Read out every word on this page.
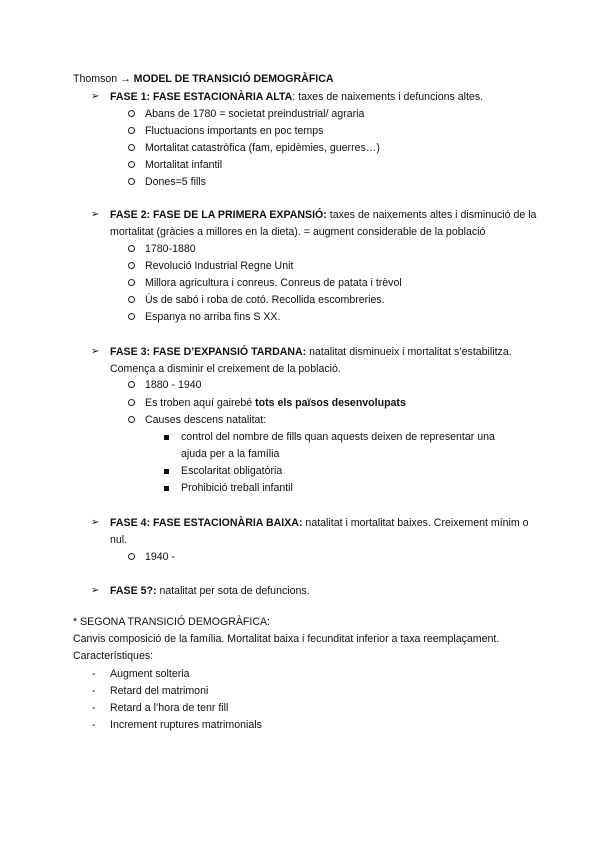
Thomson → MODEL DE TRANSICIÓ DEMOGRÀFICA
➢ FASE 1: FASE ESTACIONÀRIA ALTA: taxes de naixements i defuncions altes.
Abans de 1780 = societat preindustrial/ agraria
Fluctuacions importants en poc temps
Mortalitat catastròfica (fam, epidèmies, guerres…)
Mortalitat infantil
Dones=5 fills
➢ FASE 2: FASE DE LA PRIMERA EXPANSIÓ: taxes de naixements altes i disminució de la
mortalitat (gràcies a millores en la dieta). = augment considerable de la població
1780-1880
Revolució Industrial Regne Unit
Millora agricultura i conreus. Conreus de patata i trèvol
Ús de sabó i roba de cotó. Recollida escombreries.
Espanya no arriba fins S XX.
➢ FASE 3: FASE D’EXPANSIÓ TARDANA: natalitat disminueix i mortalitat s’estabilitza.
Comença a disminir el creixement de la població.
1880 - 1940
Es troben aquí gairebé tots els països desenvolupats
Causes descens natalitat:
control del nombre de fills quan aquests deixen de representar una
ajuda per a la família
Escolaritat obligatòria
Prohibició treball infantil
➢ FASE 4: FASE ESTACIONÀRIA BAIXA: natalitat i mortalitat baixes. Creixement mínim o
nul.
1940 -
➢ FASE 5?: natalitat per sota de defuncions.
* SEGONA TRANSICIÓ DEMOGRÀFICA:
Canvis composició de la família. Mortalitat baixa i fecunditat inferior a taxa reemplaçament.
Característiques:
- Augment solteria
- Retard del matrimoni
- Retard a l’hora de tenr fill
- Increment ruptures matrimonials
